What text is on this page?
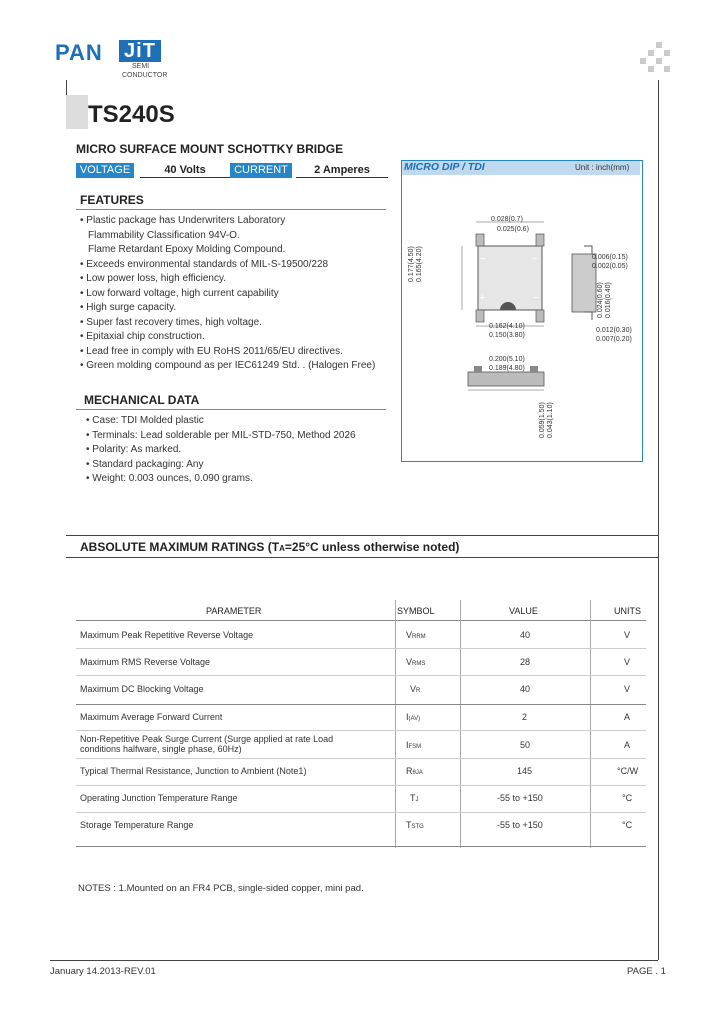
PAN JiT
SEMI
CONDUCTOR
TS240S
MICRO SURFACE MOUNT SCHOTTKY BRIDGE
VOLTAGE	40 Volts	CURRENT	2 Amperes
FEATURES
• Plastic package has Underwriters Laboratory
Flammability Classification 94V-O.
Flame Retardant Epoxy Molding Compound.
• Exceeds environmental standards of MIL-S-19500/228
• Low power loss, high efficiency.
• Low forward voltage, high current capability
• High surge capacity.
• Super fast recovery times, high voltage.
• Epitaxial chip construction.
• Lead free in comply with EU RoHS 2011/65/EU directives.
• Green molding compound as per IEC61249 Std. . (Halogen Free)
MECHANICAL DATA
• Case: TDI Molded plastic
• Terminals: Lead solderable per MIL-STD-750, Method 2026
• Polarity: As marked.
• Standard packaging: Any
• Weight: 0.003 ounces, 0.090 grams.
MICRO DIP / TDI	Unit : inch(mm)
~	~
+	−
0.028(0.7)
0.025(0.6)
0.006(0.15)
0.002(0.05)
0.162(4.10)
0.150(3.80)
0.012(0.30)
0.007(0.20)
0.200(5.10)
0.189(4.80)
0.177(4.50) 0.165(4.20)
0.024(0.60) 0.016(0.40)
0.059(1.50) 0.043(1.10)
ABSOLUTE MAXIMUM RATINGS (TA=25°C unless otherwise noted)
PARAMETER	SYMBOL	VALUE	UNITS
Maximum Peak Repetitive Reverse Voltage	VRRM	40	V
Maximum RMS Reverse Voltage	VRMS	28	V
Maximum DC Blocking Voltage	VR	40	V
Maximum Average Forward Current	I(AV)	2	A
Non-Repetitive Peak Surge Current (Surge applied at rate Load
conditions halfware, single phase, 60Hz)	IFSM	50	A
Typical Thermal Resistance, Junction to Ambient (Note1)	RθJA	145	°C/W
Operating Junction Temperature Range	TJ	-55 to +150	°C
Storage Temperature Range	TSTG	-55 to +150	°C
NOTES : 1.Mounted on an FR4 PCB, single-sided copper, mini pad.
January 14.2013-REV.01	PAGE . 1
